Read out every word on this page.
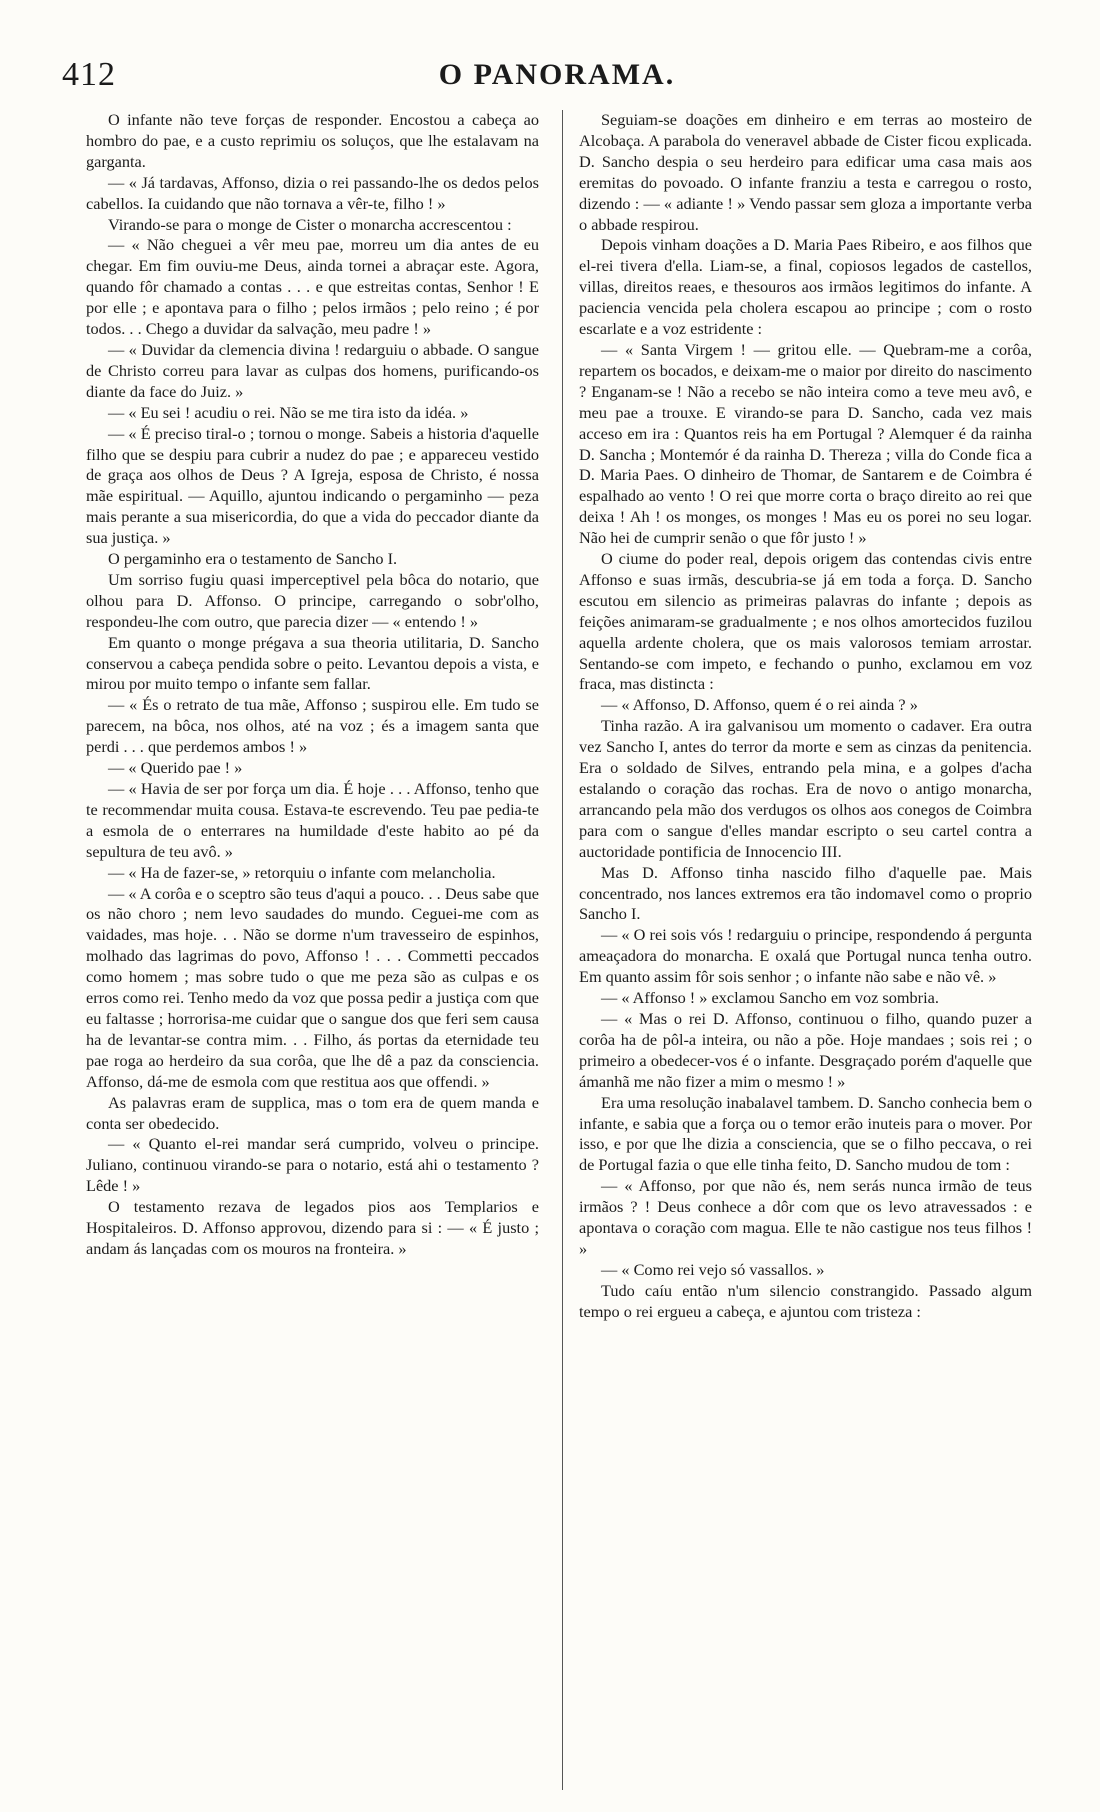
412	O PANORAMA.

O infante não teve forças de responder. Encostou a cabeça ao hombro do pae, e a custo reprimiu os soluços, que lhe estalavam na garganta.

— « Já tardavas, Affonso, dizia o rei passando-lhe os dedos pelos cabellos. Ia cuidando que não tornava a vêr-te, filho ! »

Virando-se para o monge de Cister o monarcha accrescentou :

— « Não cheguei a vêr meu pae, morreu um dia antes de eu chegar. Em fim ouviu-me Deus, ainda tornei a abraçar este. Agora, quando fôr chamado a contas . . . e que estreitas contas, Senhor ! E por elle ; e apontava para o filho ; pelos irmãos ; pelo reino ; é por todos. . . Chego a duvidar da salvação, meu padre ! »

— « Duvidar da clemencia divina ! redarguiu o abbade. O sangue de Christo correu para lavar as culpas dos homens, purificando-os diante da face do Juiz. »

— « Eu sei ! acudiu o rei. Não se me tira isto da idéa. »

— « É preciso tiral-o ; tornou o monge. Sabeis a historia d'aquelle filho que se despiu para cubrir a nudez do pae ; e appareceu vestido de graça aos olhos de Deus ? A Igreja, esposa de Christo, é nossa mãe espiritual. — Aquillo, ajuntou indicando o pergaminho — peza mais perante a sua misericordia, do que a vida do peccador diante da sua justiça. »

O pergaminho era o testamento de Sancho I.

Um sorriso fugiu quasi imperceptivel pela bôca do notario, que olhou para D. Affonso. O principe, carregando o sobr'olho, respondeu-lhe com outro, que parecia dizer — « entendo ! »

Em quanto o monge prégava a sua theoria utilitaria, D. Sancho conservou a cabeça pendida sobre o peito. Levantou depois a vista, e mirou por muito tempo o infante sem fallar.

— « És o retrato de tua mãe, Affonso ; suspirou elle. Em tudo se parecem, na bôca, nos olhos, até na voz ; és a imagem santa que perdi . . . que perdemos ambos ! »

— « Querido pae ! »

— « Havia de ser por força um dia. É hoje . . . Affonso, tenho que te recommendar muita cousa. Estava-te escrevendo. Teu pae pedia-te a esmola de o enterrares na humildade d'este habito ao pé da sepultura de teu avô. »

— « Ha de fazer-se, » retorquiu o infante com melancholia.

— « A corôa e o sceptro são teus d'aqui a pouco. . . Deus sabe que os não choro ; nem levo saudades do mundo. Ceguei-me com as vaidades, mas hoje. . . Não se dorme n'um travesseiro de espinhos, molhado das lagrimas do povo, Affonso ! . . . Commetti peccados como homem ; mas sobre tudo o que me peza são as culpas e os erros como rei. Tenho medo da voz que possa pedir a justiça com que eu faltasse ; horrorisa-me cuidar que o sangue dos que feri sem causa ha de levantar-se contra mim. . . Filho, ás portas da eternidade teu pae roga ao herdeiro da sua corôa, que lhe dê a paz da consciencia. Affonso, dá-me de esmola com que restitua aos que offendi. »

As palavras eram de supplica, mas o tom era de quem manda e conta ser obedecido.

— « Quanto el-rei mandar será cumprido, volveu o principe. Juliano, continuou virando-se para o notario, está ahi o testamento ? Lêde ! »

O testamento rezava de legados pios aos Templarios e Hospitaleiros. D. Affonso approvou, dizendo para si : — « É justo ; andam ás lançadas com os mouros na fronteira. »

Seguiam-se doações em dinheiro e em terras ao mosteiro de Alcobaça. A parabola do veneravel abbade de Cister ficou explicada. D. Sancho despia o seu herdeiro para edificar uma casa mais aos eremitas do povoado. O infante franziu a testa e carregou o rosto, dizendo : — « adiante ! » Vendo passar sem gloza a importante verba o abbade respirou.

Depois vinham doações a D. Maria Paes Ribeiro, e aos filhos que el-rei tivera d'ella. Liam-se, a final, copiosos legados de castellos, villas, direitos reaes, e thesouros aos irmãos legitimos do infante. A paciencia vencida pela cholera escapou ao principe ; com o rosto escarlate e a voz estridente :

— « Santa Virgem ! — gritou elle. — Quebram-me a corôa, repartem os bocados, e deixam-me o maior por direito do nascimento ? Enganam-se ! Não a recebo se não inteira como a teve meu avô, e meu pae a trouxe. E virando-se para D. Sancho, cada vez mais acceso em ira : Quantos reis ha em Portugal ? Alemquer é da rainha D. Sancha ; Montemór é da rainha D. Thereza ; villa do Conde fica a D. Maria Paes. O dinheiro de Thomar, de Santarem e de Coimbra é espalhado ao vento ! O rei que morre corta o braço direito ao rei que deixa ! Ah ! os monges, os monges ! Mas eu os porei no seu logar. Não hei de cumprir senão o que fôr justo ! »

O ciume do poder real, depois origem das contendas civis entre Affonso e suas irmãs, descubria-se já em toda a força. D. Sancho escutou em silencio as primeiras palavras do infante ; depois as feições animaram-se gradualmente ; e nos olhos amortecidos fuzilou aquella ardente cholera, que os mais valorosos temiam arrostar. Sentando-se com impeto, e fechando o punho, exclamou em voz fraca, mas distincta :

— « Affonso, D. Affonso, quem é o rei ainda ? »

Tinha razão. A ira galvanisou um momento o cadaver. Era outra vez Sancho I, antes do terror da morte e sem as cinzas da penitencia. Era o soldado de Silves, entrando pela mina, e a golpes d'acha estalando o coração das rochas. Era de novo o antigo monarcha, arrancando pela mão dos verdugos os olhos aos conegos de Coimbra para com o sangue d'elles mandar escripto o seu cartel contra a auctoridade pontificia de Innocencio III.

Mas D. Affonso tinha nascido filho d'aquelle pae. Mais concentrado, nos lances extremos era tão indomavel como o proprio Sancho I.

— « O rei sois vós ! redarguiu o principe, respondendo á pergunta ameaçadora do monarcha. E oxalá que Portugal nunca tenha outro. Em quanto assim fôr sois senhor ; o infante não sabe e não vê. »

— « Affonso ! » exclamou Sancho em voz sombria.

— « Mas o rei D. Affonso, continuou o filho, quando puzer a corôa ha de pôl-a inteira, ou não a põe. Hoje mandaes ; sois rei ; o primeiro a obedecer-vos é o infante. Desgraçado porém d'aquelle que ámanhã me não fizer a mim o mesmo ! »

Era uma resolução inabalavel tambem. D. Sancho conhecia bem o infante, e sabia que a força ou o temor erão inuteis para o mover. Por isso, e por que lhe dizia a consciencia, que se o filho peccava, o rei de Portugal fazia o que elle tinha feito, D. Sancho mudou de tom :

— « Affonso, por que não és, nem serás nunca irmão de teus irmãos ? ! Deus conhece a dôr com que os levo atravessados : e apontava o coração com magua. Elle te não castigue nos teus filhos ! »

— « Como rei vejo só vassallos. »

Tudo caíu então n'um silencio constrangido. Passado algum tempo o rei ergueu a cabeça, e ajuntou com tristeza :
